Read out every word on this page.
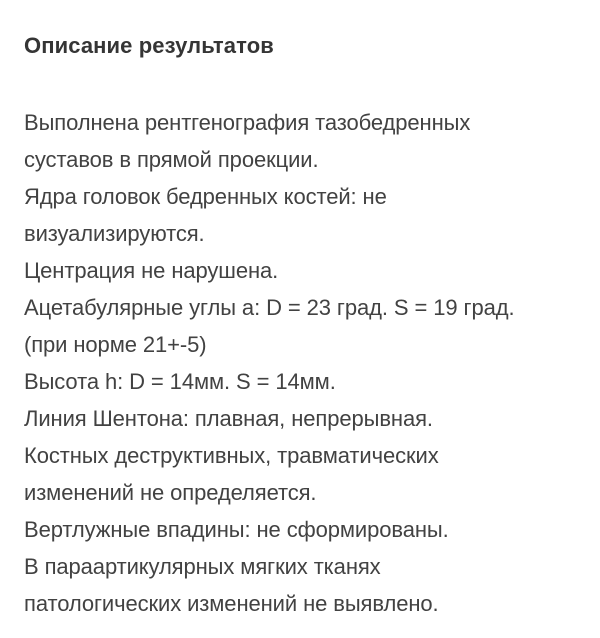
Описание результатов
Выполнена рентгенография тазобедренных
суставов в прямой проекции.
Ядра головок бедренных костей: не
визуализируются.
Центрация не нарушена.
Ацетабулярные углы a: D = 23 град. S = 19 град.
(при норме 21+-5)
Высота h: D = 14мм. S = 14мм.
Линия Шентона: плавная, непрерывная.
Костных деструктивных, травматических
изменений не определяется.
Вертлужные впадины: не сформированы.
В параартикулярных мягких тканях
патологических изменений не выявлено.
